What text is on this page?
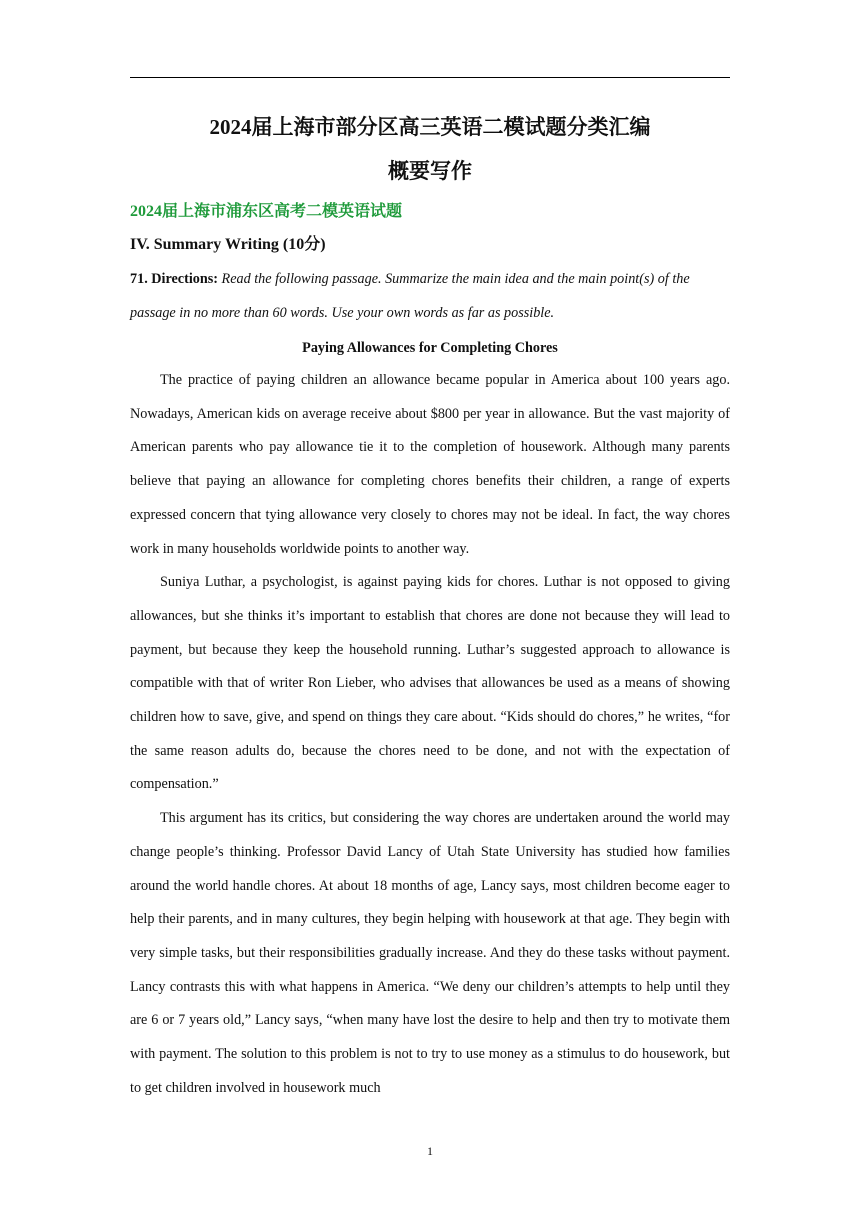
2024届上海市部分区高三英语二模试题分类汇编
概要写作
2024届上海市浦东区高考二模英语试题
IV. Summary Writing (10分)
71. Directions: Read the following passage. Summarize the main idea and the main point(s) of the passage in no more than 60 words. Use your own words as far as possible.
Paying Allowances for Completing Chores

The practice of paying children an allowance became popular in America about 100 years ago. Nowadays, American kids on average receive about $800 per year in allowance. But the vast majority of American parents who pay allowance tie it to the completion of housework. Although many parents believe that paying an allowance for completing chores benefits their children, a range of experts expressed concern that tying allowance very closely to chores may not be ideal. In fact, the way chores work in many households worldwide points to another way.

Suniya Luthar, a psychologist, is against paying kids for chores. Luthar is not opposed to giving allowances, but she thinks it’s important to establish that chores are done not because they will lead to payment, but because they keep the household running. Luthar’s suggested approach to allowance is compatible with that of writer Ron Lieber, who advises that allowances be used as a means of showing children how to save, give, and spend on things they care about. “Kids should do chores,” he writes, “for the same reason adults do, because the chores need to be done, and not with the expectation of compensation.”

This argument has its critics, but considering the way chores are undertaken around the world may change people’s thinking. Professor David Lancy of Utah State University has studied how families around the world handle chores. At about 18 months of age, Lancy says, most children become eager to help their parents, and in many cultures, they begin helping with housework at that age. They begin with very simple tasks, but their responsibilities gradually increase. And they do these tasks without payment. Lancy contrasts this with what happens in America. “We deny our children’s attempts to help until they are 6 or 7 years old,” Lancy says, “when many have lost the desire to help and then try to motivate them with payment. The solution to this problem is not to try to use money as a stimulus to do housework, but to get children involved in housework much

1
